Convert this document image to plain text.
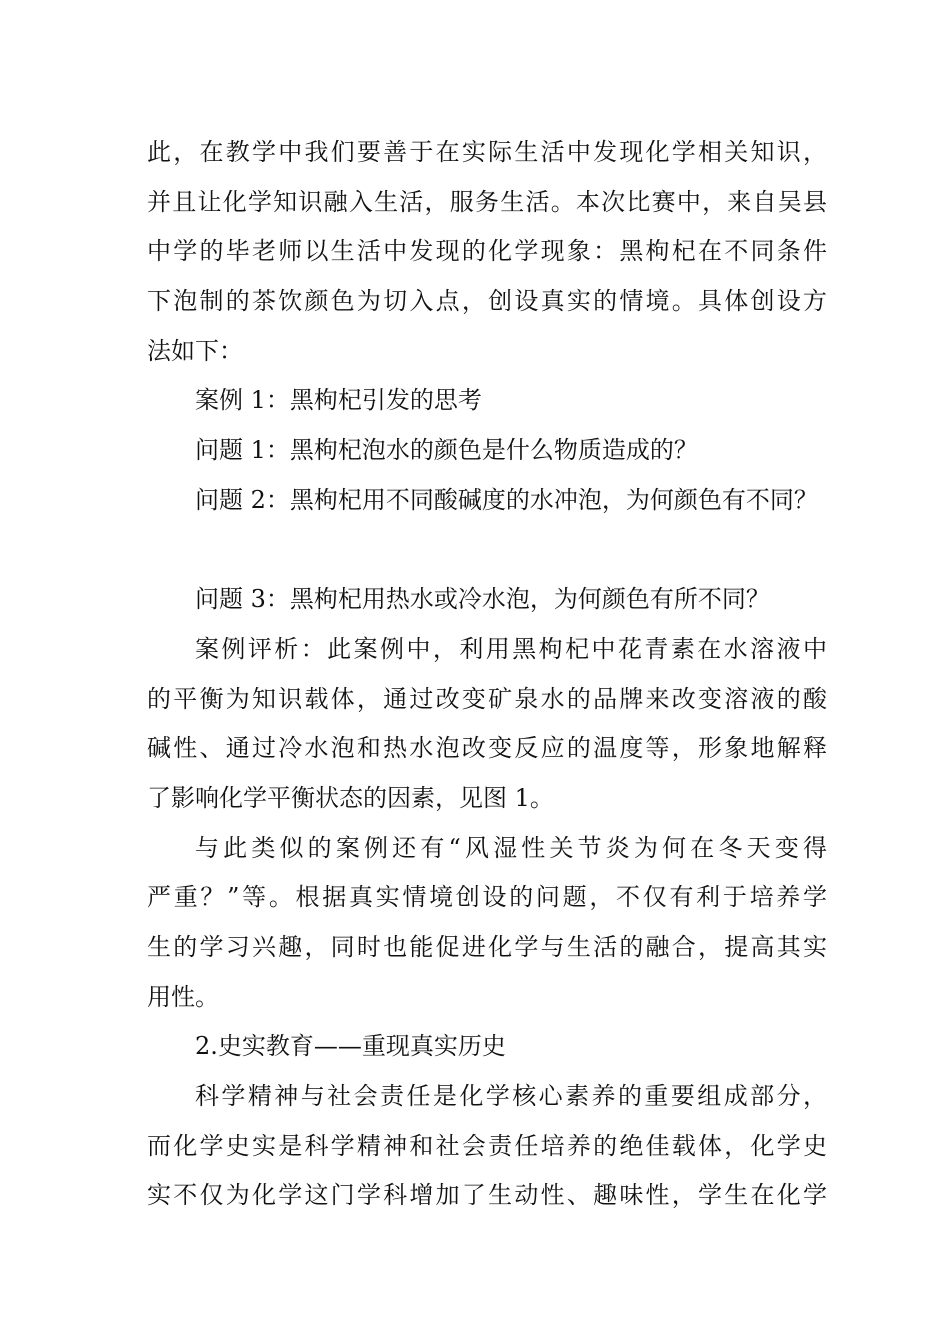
此，在教学中我们要善于在实际生活中发现化学相关知识，
并且让化学知识融入生活，服务生活。本次比赛中，来自吴县
中学的毕老师以生活中发现的化学现象：黑枸杞在不同条件
下泡制的茶饮颜色为切入点，创设真实的情境。具体创设方
法如下：
案例 1：黑枸杞引发的思考
问题 1：黑枸杞泡水的颜色是什么物质造成的？
问题 2：黑枸杞用不同酸碱度的水冲泡，为何颜色有不同？
问题 3：黑枸杞用热水或冷水泡，为何颜色有所不同？
案例评析：此案例中，利用黑枸杞中花青素在水溶液中
的平衡为知识载体，通过改变矿泉水的品牌来改变溶液的酸
碱性、通过冷水泡和热水泡改变反应的温度等，形象地解释
了影响化学平衡状态的因素，见图 1。
与此类似的案例还有“风湿性关节炎为何在冬天变得
严重？”等。根据真实情境创设的问题，不仅有利于培养学
生的学习兴趣，同时也能促进化学与生活的融合，提高其实
用性。
2.史实教育——重现真实历史
科学精神与社会责任是化学核心素养的重要组成部分，
而化学史实是科学精神和社会责任培养的绝佳载体，化学史
实不仅为化学这门学科增加了生动性、趣味性，学生在化学
